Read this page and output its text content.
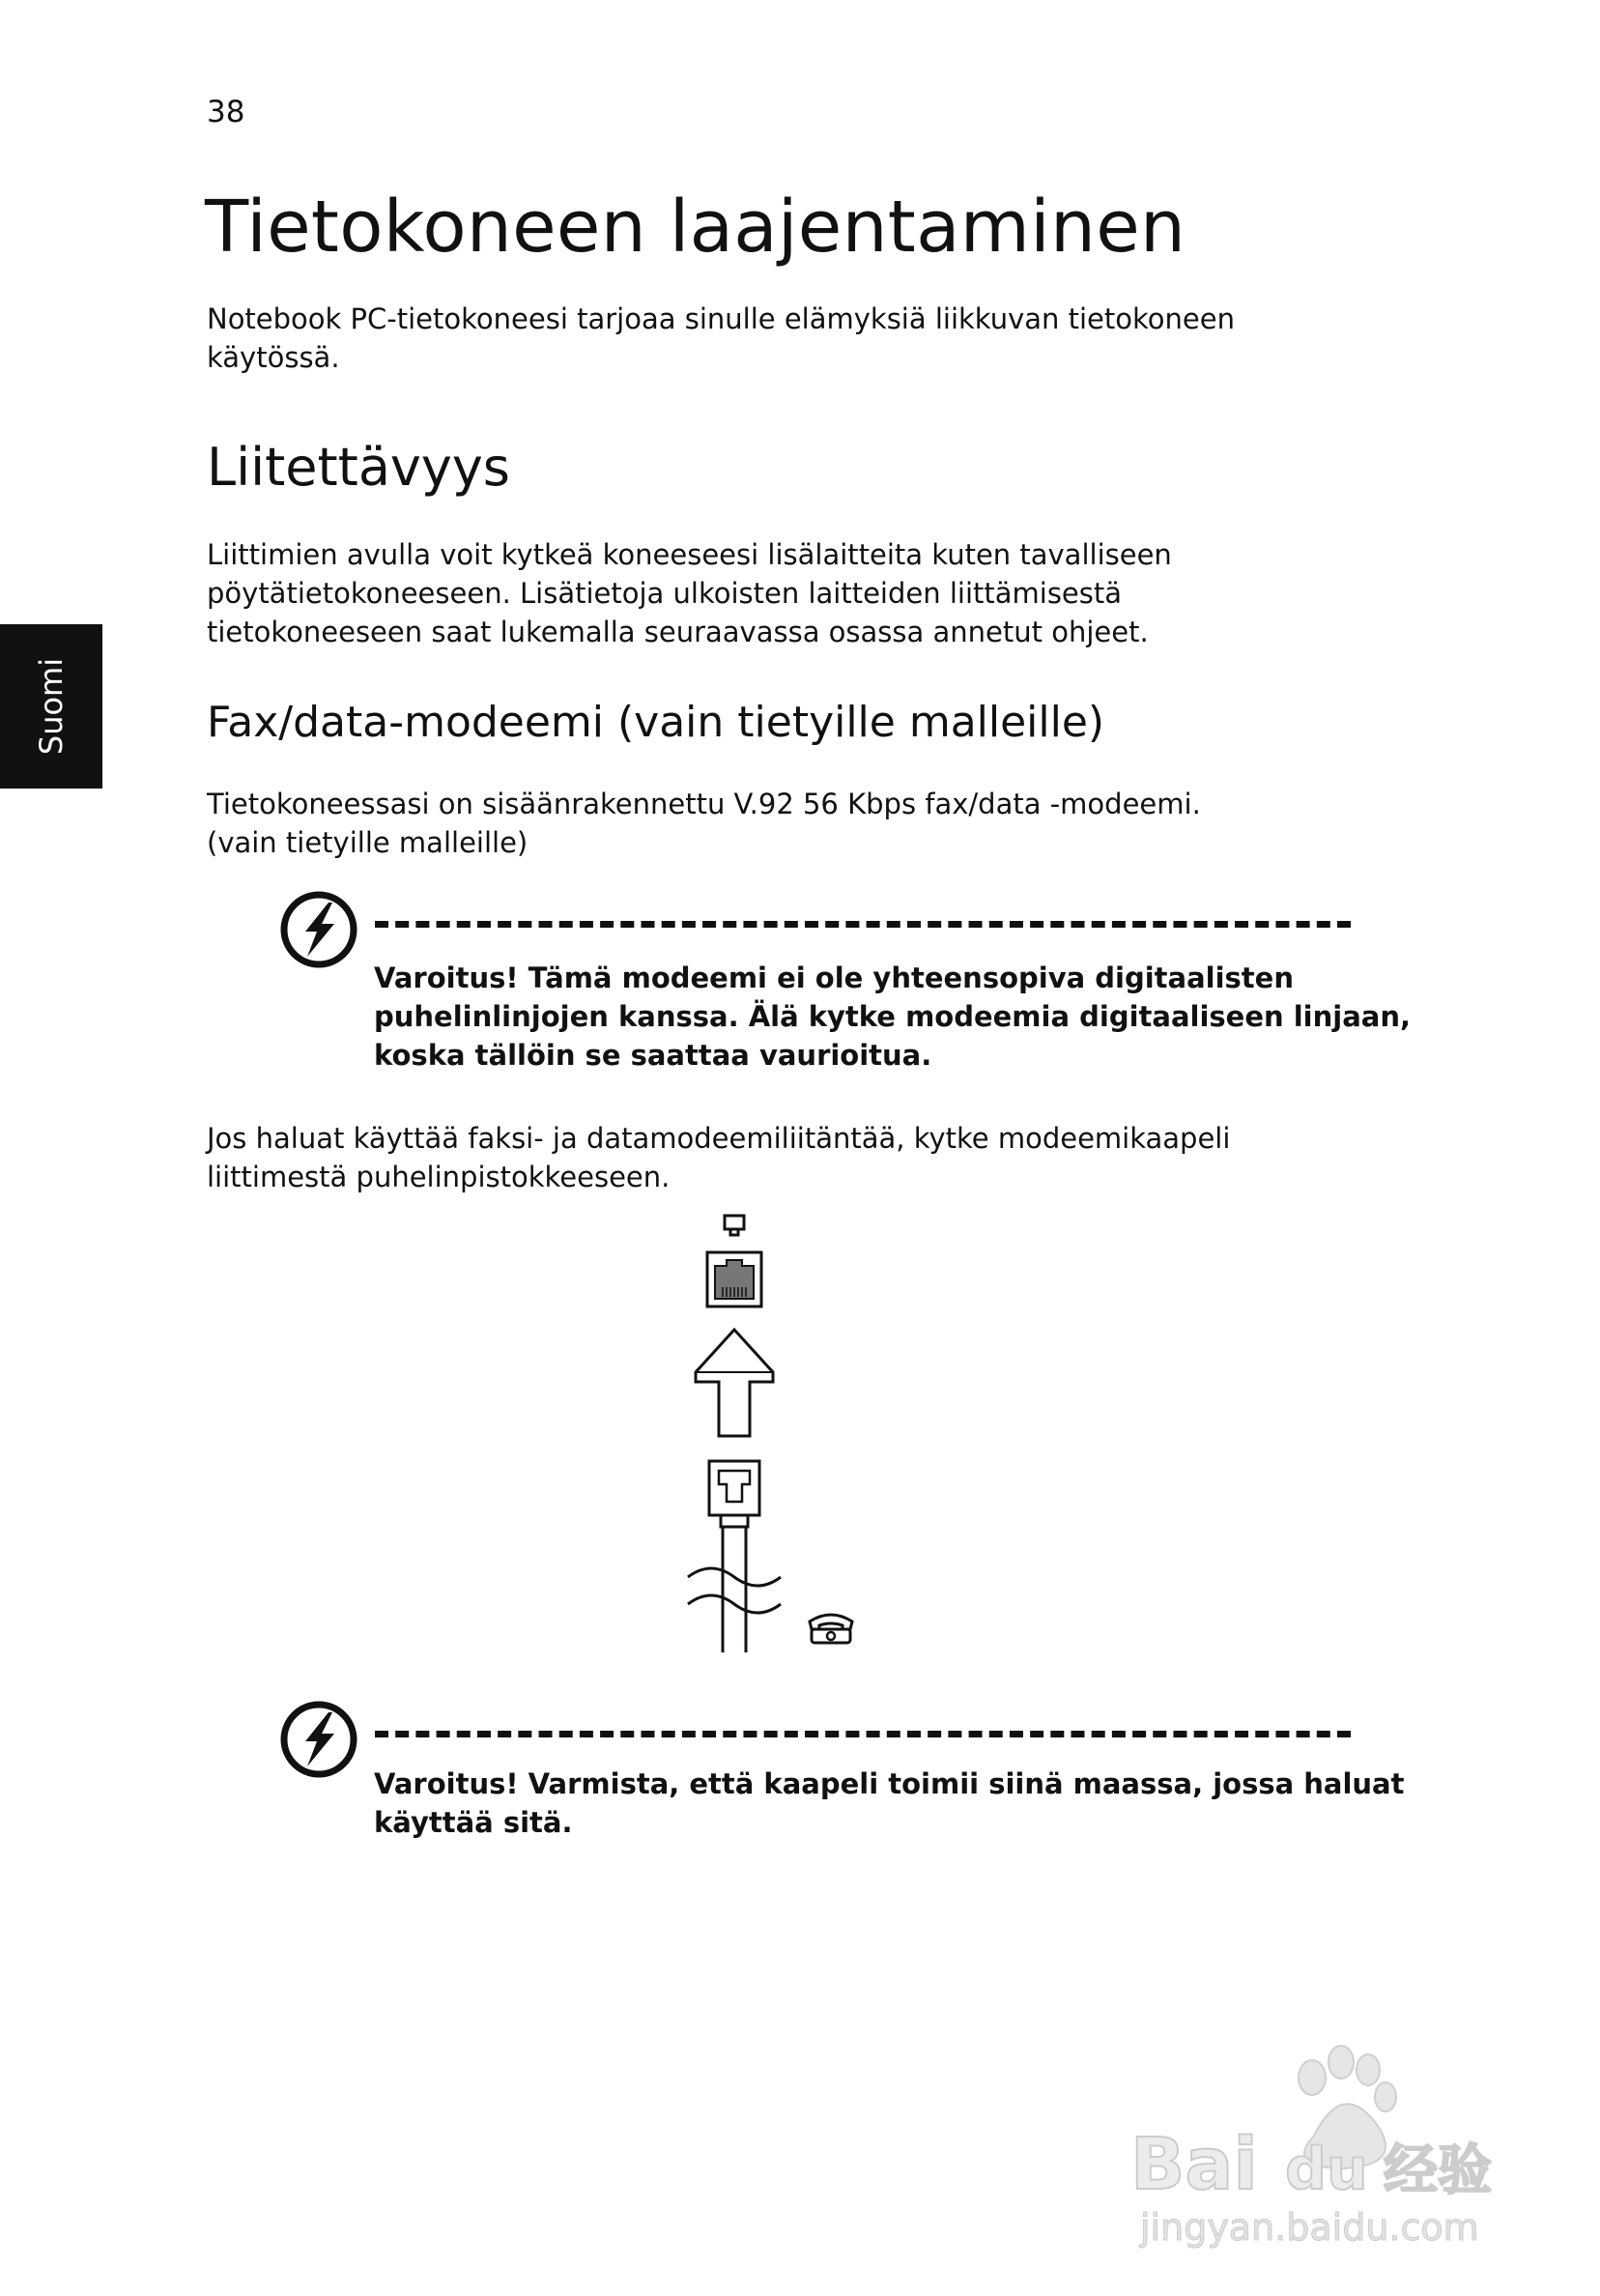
38
Suomi
Tietokoneen laajentaminen
Notebook PC-tietokoneesi tarjoaa sinulle elämyksiä liikkuvan tietokoneen
käytössä.
Liitettävyys
Liittimien avulla voit kytkeä koneeseesi lisälaitteita kuten tavalliseen
pöytätietokoneeseen. Lisätietoja ulkoisten laitteiden liittämisestä
tietokoneeseen saat lukemalla seuraavassa osassa annetut ohjeet.
Fax/data-modeemi (vain tietyille malleille)
Tietokoneessasi on sisäänrakennettu V.92 56 Kbps fax/data -modeemi.
(vain tietyille malleille)
Varoitus! Tämä modeemi ei ole yhteensopiva digitaalisten
puhelinlinjojen kanssa. Älä kytke modeemia digitaaliseen linjaan,
koska tällöin se saattaa vaurioitua.
Jos haluat käyttää faksi- ja datamodeemiliitäntää, kytke modeemikaapeli
liittimestä puhelinpistokkeeseen.
Varoitus! Varmista, että kaapeli toimii siinä maassa, jossa haluat
käyttää sitä.
Bai du 经验
jingyan.baidu.com
